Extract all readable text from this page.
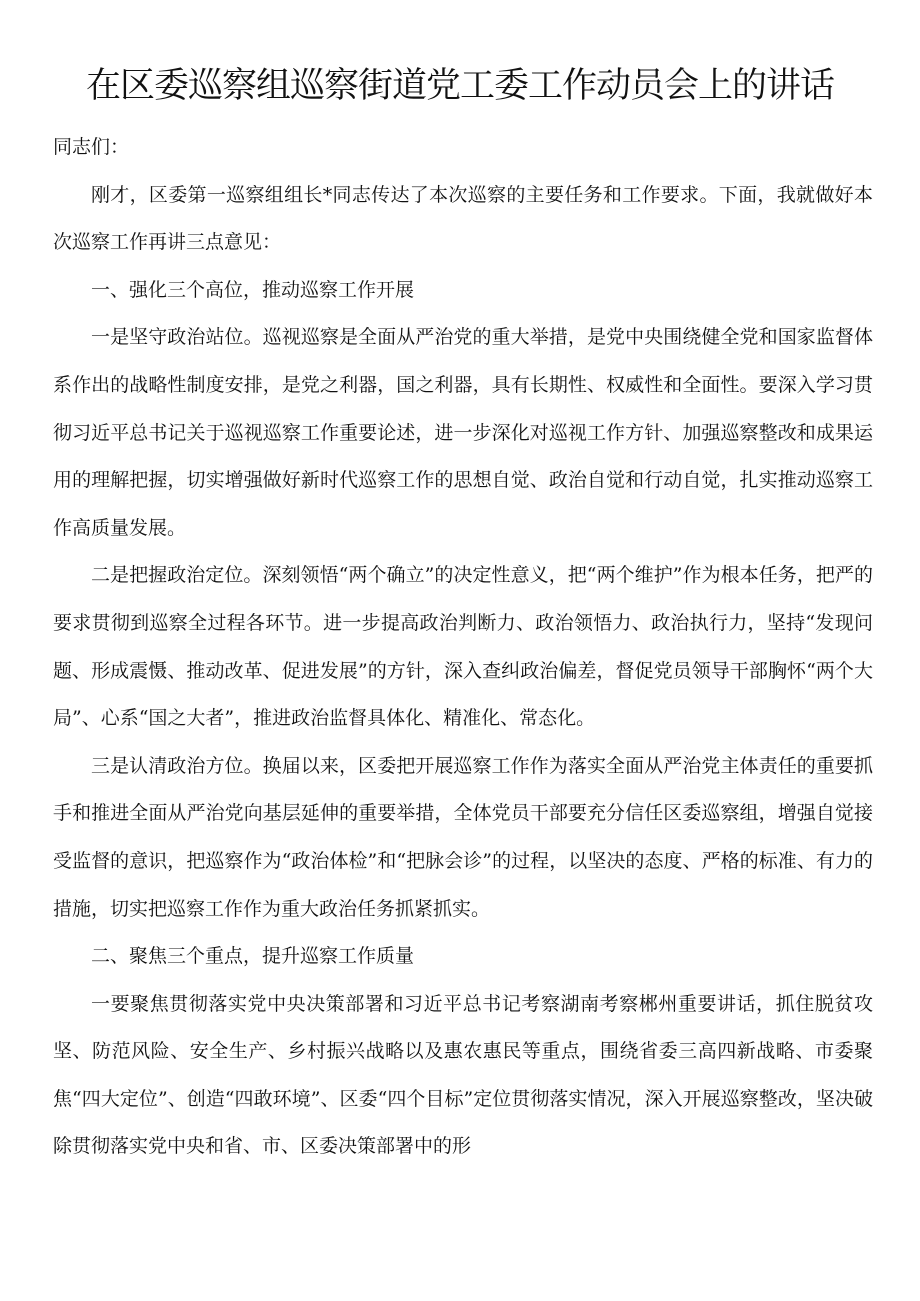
在区委巡察组巡察街道党工委工作动员会上的讲话

同志们：

刚才，区委第一巡察组组长*同志传达了本次巡察的主要任务和工作要求。下面，我就做好本次巡察工作再讲三点意见：

一、强化三个高位，推动巡察工作开展

一是坚守政治站位。巡视巡察是全面从严治党的重大举措，是党中央围绕健全党和国家监督体系作出的战略性制度安排，是党之利器，国之利器，具有长期性、权威性和全面性。要深入学习贯彻习近平总书记关于巡视巡察工作重要论述，进一步深化对巡视工作方针、加强巡察整改和成果运用的理解把握，切实增强做好新时代巡察工作的思想自觉、政治自觉和行动自觉，扎实推动巡察工作高质量发展。

二是把握政治定位。深刻领悟“两个确立”的决定性意义，把“两个维护”作为根本任务，把严的要求贯彻到巡察全过程各环节。进一步提高政治判断力、政治领悟力、政治执行力，坚持“发现问题、形成震慑、推动改革、促进发展”的方针，深入查纠政治偏差，督促党员领导干部胸怀“两个大局”、心系“国之大者”，推进政治监督具体化、精准化、常态化。

三是认清政治方位。换届以来，区委把开展巡察工作作为落实全面从严治党主体责任的重要抓手和推进全面从严治党向基层延伸的重要举措，全体党员干部要充分信任区委巡察组，增强自觉接受监督的意识，把巡察作为“政治体检”和“把脉会诊”的过程，以坚决的态度、严格的标准、有力的措施，切实把巡察工作作为重大政治任务抓紧抓实。

二、聚焦三个重点，提升巡察工作质量

一要聚焦贯彻落实党中央决策部署和习近平总书记考察湖南考察郴州重要讲话，抓住脱贫攻坚、防范风险、安全生产、乡村振兴战略以及惠农惠民等重点，围绕省委三高四新战略、市委聚焦“四大定位”、创造“四敢环境”、区委“四个目标”定位贯彻落实情况，深入开展巡察整改，坚决破除贯彻落实党中央和省、市、区委决策部署中的形
